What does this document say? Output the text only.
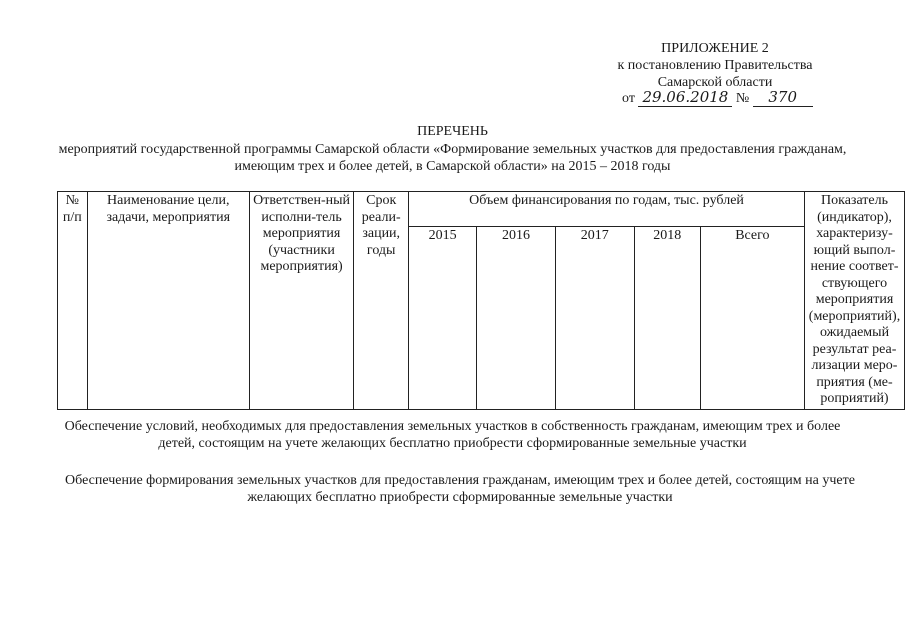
ПРИЛОЖЕНИЕ 2
к постановлению Правительства
Самарской области
от 29.06.2018 № 370
ПЕРЕЧЕНЬ
мероприятий государственной программы Самарской области «Формирование земельных участков для предоставления гражданам, имеющим трех и более детей, в Самарской области» на 2015 – 2018 годы
№ п/п	Наименование цели, задачи, мероприятия	Ответствен-ный исполни-тель мероприятия (участники мероприятия)	Срок реали-зации, годы	Объем финансирования по годам, тыс. рублей					Показатель (индикатор), характеризу-ющий выпол-нение соответ-ствующего мероприятия (мероприятий), ожидаемый результат реа-лизации меро-приятия (ме-роприятий)
				2015	2016	2017	2018	Всего	
Обеспечение условий, необходимых для предоставления земельных участков в собственность гражданам, имеющим трех и более детей, состоящим на учете желающих бесплатно приобрести сформированные земельные участки
Обеспечение формирования земельных участков для предоставления гражданам, имеющим трех и более детей, состоящим на учете желающих бесплатно приобрести сформированные земельные участки
